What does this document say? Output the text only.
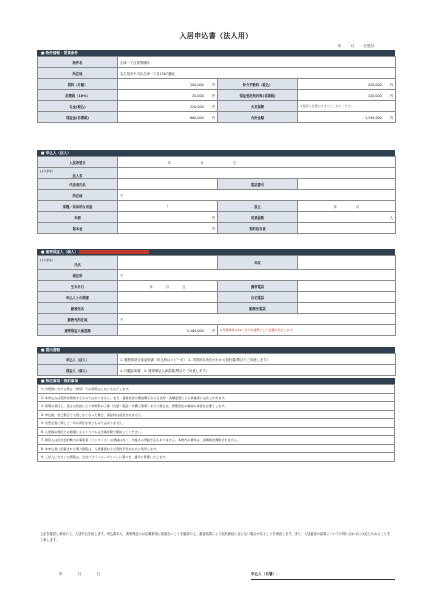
入居申込書（法人用）
年 月 日受付
■ 物件情報・賃貸条件
物件名	吉津一丁目賃貸棟所		
所在地	名古屋市中川区吉津一丁目2307番地		
賃料（月額）	200,000 円	仲介手数料（税込）	220,000 円
消費税（10%）	20,000 円	保証委託契約料(非課税)	220,000 円
礼金(税込)	220,000 円	火災保険	※保険入会費がきまでにご加入ください
保証金(非課税)	660,000 円	合計金額	1,540,000 円
■ 申込人（法人）
入居希望日	年 月 日		

(ふりがな)
法人名			
代表者氏名		電話番号	
所在地	〒		
業種／具体的な用途	/	設立	年 月
年商	円	従業員数	人
資本金	円	契約担当者	
■ 連帯保証人（個人）
(ふりがな)
氏名		年収	
現住所	〒		
生年月日	年 月 日	携帯電話	
申込人との関係		自宅電話	
勤務先名		勤務先電話	
勤務先所在地	〒		
連帯保証人極度額	5,280,000 円	※月額賃料の24ヶ月分を基準として金額を設定します。	
■ 提出書類
申込人（法人）	1. 履歴事項全部証明書（申込時はコピー可）　2. 実質的な所在がわかる契約書(弊社でご用意します)
保証人（個人）	1. 印鑑証明書　2. 連帯保証人承諾書(弊社でご用意します)
■ 特記事項・契約事項
1. 内規則における禁止（賃貸）での使用はしないものとします。
2. 本申込みは契約を締結するものではありません。また、審査状況の理由開示および条件・各種変更による再審査には応じかねます。
3. 管理の責任上、借主の負担により本物件の工事（内装・電話・外構工事等）を行う場合は、管理会社の事前の承認を必要とします。
4. 申込後、自己都合で入居しなくなった場合、保証料は返金されません。
5. 自然災害に関して一切の責任を負うものではありません。
6. 入居後の現況との相違によるトラブルは当事者間で解決してください。
7. 賃貸人は反社会的勢力の事業者（インボイス）の登録はなく、今後その登録予定もありません。本物件の賃料は、消費税が課税されません。
8. 本申込書に記載された個人情報は、入居審査および契約手続のために利用します。
9. ご記入いただいた情報は、当社プライバシーポリシーに基づき、適切に管理いたします。
上記を確認し承知の上、入居申込を致します。申込書本人、連帯保証人が記載事項に相違ないことを確認の上、審査結果により契約締結に至らない場合があることを承諾します。また、入居審査の結果についての問い合わせには応じかねることを了承します。
年 月 日	申込人（自署）：
